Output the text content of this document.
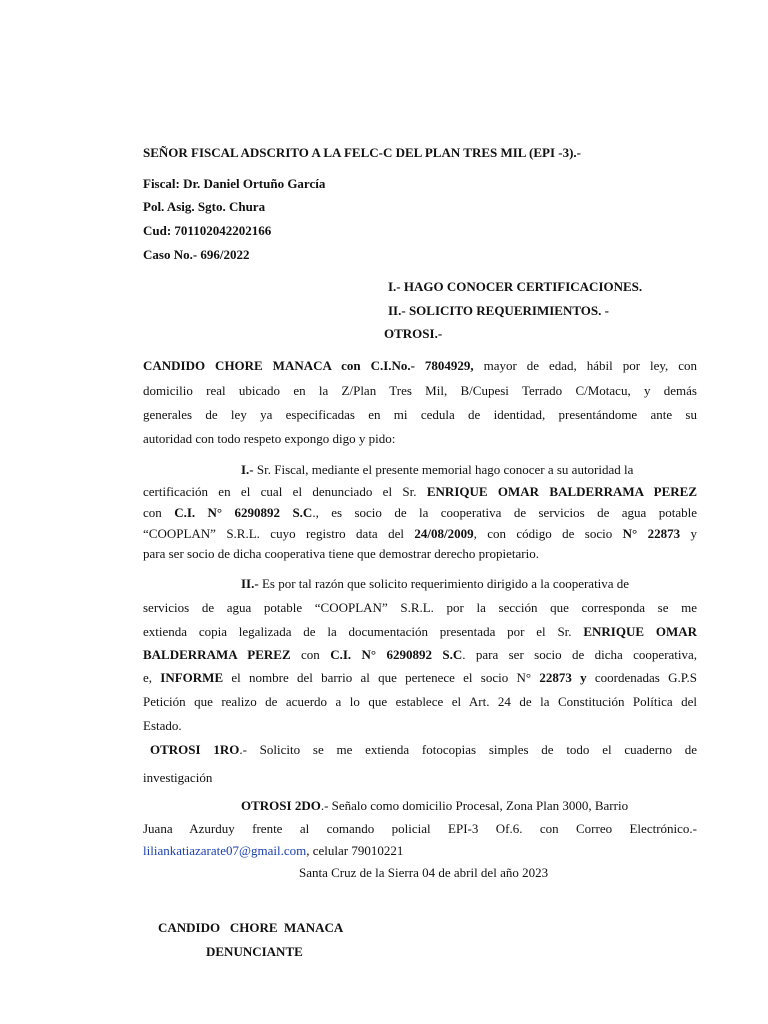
SEÑOR FISCAL ADSCRITO A LA FELC-C DEL PLAN TRES MIL (EPI -3).-
Fiscal: Dr. Daniel Ortuño García
Pol. Asig. Sgto. Chura
Cud: 701102042202166
Caso No.- 696/2022
I.- HAGO CONOCER CERTIFICACIONES.
II.- SOLICITO REQUERIMIENTOS. -
OTROSI.-
CANDIDO CHORE MANACA con C.I.No.- 7804929, mayor de edad, hábil por ley, con
domicilio real ubicado en la Z/Plan Tres Mil, B/Cupesi Terrado C/Motacu, y demás
generales de ley ya especificadas en mi cedula de identidad, presentándome ante su
autoridad con todo respeto expongo digo y pido:
I.- Sr. Fiscal, mediante el presente memorial hago conocer a su autoridad la
certificación en el cual el denunciado el Sr. ENRIQUE OMAR BALDERRAMA PEREZ
con C.I. N° 6290892 S.C., es socio de la cooperativa de servicios de agua potable
“COOPLAN” S.R.L. cuyo registro data del 24/08/2009, con código de socio N° 22873 y
para ser socio de dicha cooperativa tiene que demostrar derecho propietario.
II.- Es por tal razón que solicito requerimiento dirigido a la cooperativa de
servicios de agua potable “COOPLAN” S.R.L. por la sección que corresponda se me
extienda copia legalizada de la documentación presentada por el Sr. ENRIQUE OMAR
BALDERRAMA PEREZ con C.I. N° 6290892 S.C. para ser socio de dicha cooperativa,
e, INFORME el nombre del barrio al que pertenece el socio N° 22873 y coordenadas G.P.S
Petición que realizo de acuerdo a lo que establece el Art. 24 de la Constitución Política del
Estado.
OTROSI 1RO.- Solicito se me extienda fotocopias simples de todo el cuaderno de
investigación
OTROSI 2DO.- Señalo como domicilio Procesal, Zona Plan 3000, Barrio
Juana Azurduy frente al comando policial EPI-3 Of.6. con Correo Electrónico.-
liliankatiazarate07@gmail.com, celular 79010221
Santa Cruz de la Sierra 04 de abril del año 2023
CANDIDO   CHORE  MANACA
DENUNCIANTE
